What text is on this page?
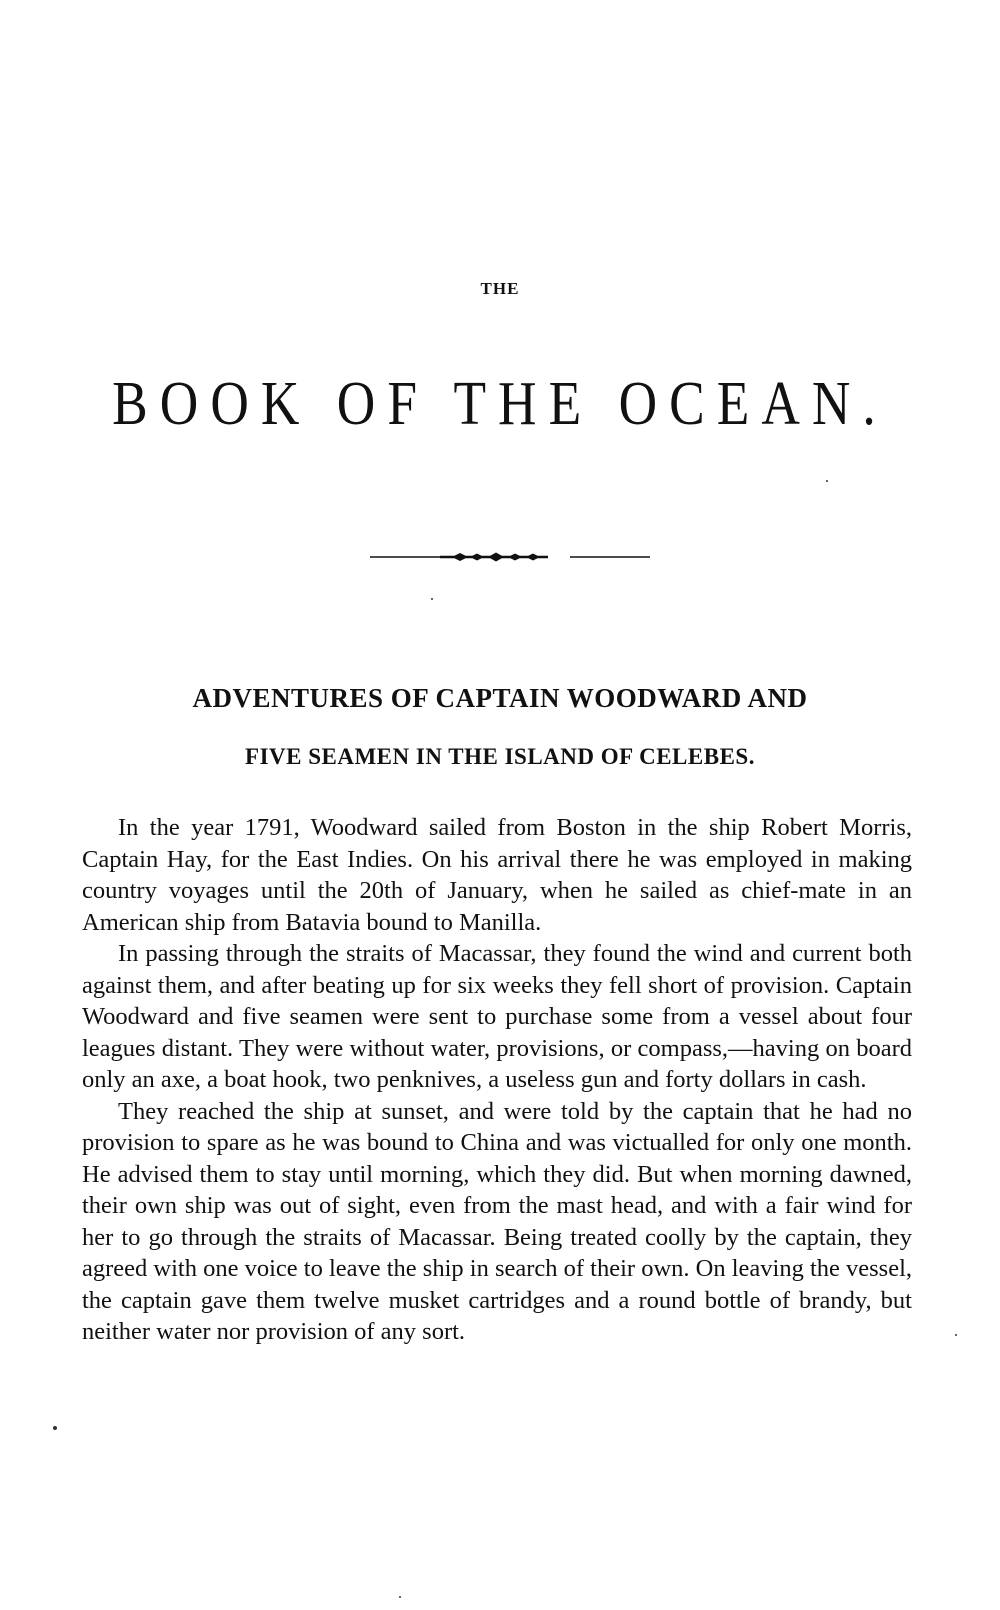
THE
BOOK OF THE OCEAN.
ADVENTURES OF CAPTAIN WOODWARD AND
FIVE SEAMEN IN THE ISLAND OF CELEBES.

In the year 1791, Woodward sailed from Boston in the ship Robert Morris, Captain Hay, for the East Indies. On his arrival there he was employed in making country voyages until the 20th of January, when he sailed as chief-mate in an American ship from Batavia bound to Manilla.

In passing through the straits of Macassar, they found the wind and current both against them, and after beating up for six weeks they fell short of provision. Captain Woodward and five seamen were sent to purchase some from a vessel about four leagues distant. They were without water, provisions, or compass,—having on board only an axe, a boat hook, two penknives, a useless gun and forty dollars in cash.

They reached the ship at sunset, and were told by the captain that he had no provision to spare as he was bound to China and was victualled for only one month. He advised them to stay until morning, which they did. But when morning dawned, their own ship was out of sight, even from the mast head, and with a fair wind for her to go through the straits of Macassar. Being treated coolly by the captain, they agreed with one voice to leave the ship in search of their own. On leaving the vessel, the captain gave them twelve musket cartridges and a round bottle of brandy, but neither water nor provision of any sort.
